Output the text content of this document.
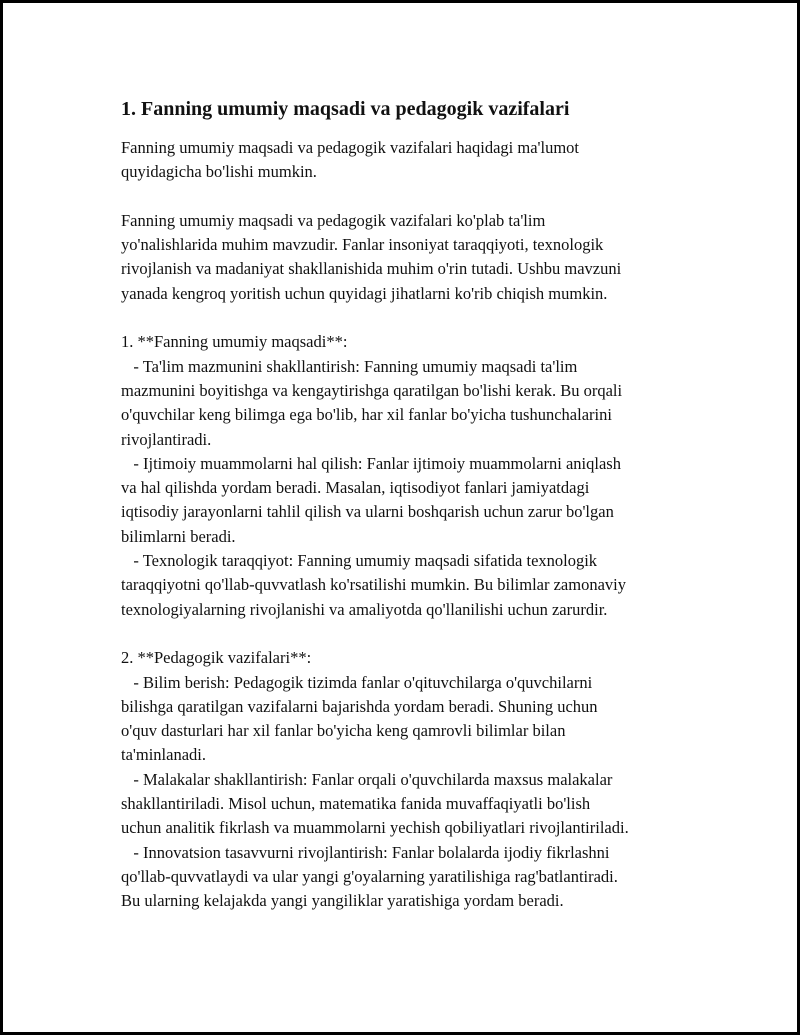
1. Fanning umumiy maqsadi va pedagogik vazifalari
Fanning umumiy maqsadi va pedagogik vazifalari haqidagi ma'lumot
quyidagicha bo'lishi mumkin.
Fanning umumiy maqsadi va pedagogik vazifalari ko'plab ta'lim
yo'nalishlarida muhim mavzudir. Fanlar insoniyat taraqqiyoti, texnologik
rivojlanish va madaniyat shakllanishida muhim o'rin tutadi. Ushbu mavzuni
yanada kengroq yoritish uchun quyidagi jihatlarni ko'rib chiqish mumkin.
1. **Fanning umumiy maqsadi**:
- Ta'lim mazmunini shakllantirish: Fanning umumiy maqsadi ta'lim
mazmunini boyitishga va kengaytirishga qaratilgan bo'lishi kerak. Bu orqali
o'quvchilar keng bilimga ega bo'lib, har xil fanlar bo'yicha tushunchalarini
rivojlantiradi.
- Ijtimoiy muammolarni hal qilish: Fanlar ijtimoiy muammolarni aniqlash
va hal qilishda yordam beradi. Masalan, iqtisodiyot fanlari jamiyatdagi
iqtisodiy jarayonlarni tahlil qilish va ularni boshqarish uchun zarur bo'lgan
bilimlarni beradi.
- Texnologik taraqqiyot: Fanning umumiy maqsadi sifatida texnologik
taraqqiyotni qo'llab-quvvatlash ko'rsatilishi mumkin. Bu bilimlar zamonaviy
texnologiyalarning rivojlanishi va amaliyotda qo'llanilishi uchun zarurdir.
2. **Pedagogik vazifalari**:
- Bilim berish: Pedagogik tizimda fanlar o'qituvchilarga o'quvchilarni
bilishga qaratilgan vazifalarni bajarishda yordam beradi. Shuning uchun
o'quv dasturlari har xil fanlar bo'yicha keng qamrovli bilimlar bilan
ta'minlanadi.
- Malakalar shakllantirish: Fanlar orqali o'quvchilarda maxsus malakalar
shakllantiriladi. Misol uchun, matematika fanida muvaffaqiyatli bo'lish
uchun analitik fikrlash va muammolarni yechish qobiliyatlari rivojlantiriladi.
- Innovatsion tasavvurni rivojlantirish: Fanlar bolalarda ijodiy fikrlashni
qo'llab-quvvatlaydi va ular yangi g'oyalarning yaratilishiga rag'batlantiradi.
Bu ularning kelajakda yangi yangiliklar yaratishiga yordam beradi.
